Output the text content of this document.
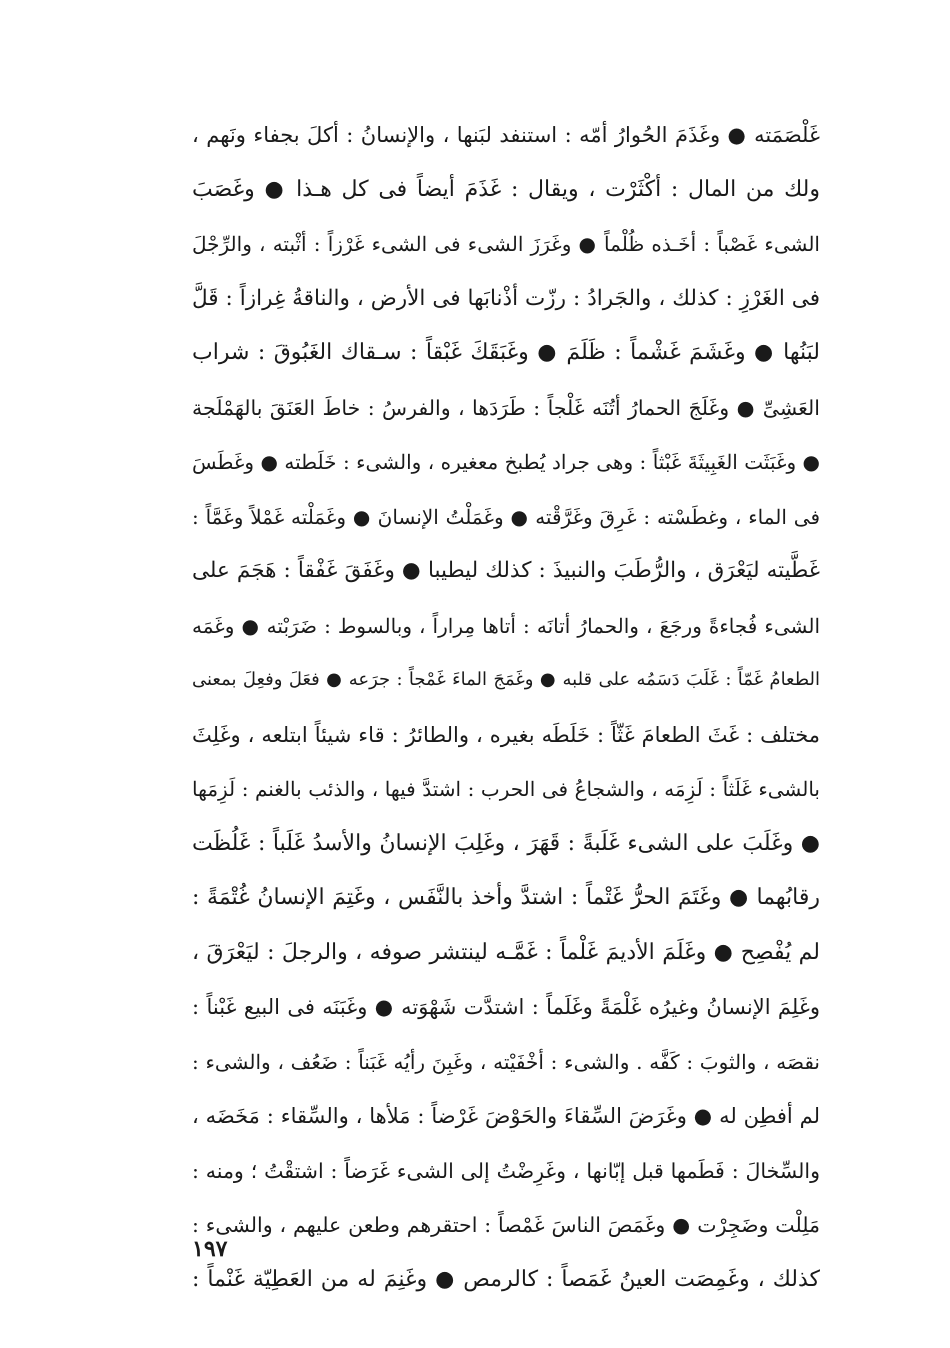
غَلْصَمَته ● وغَذَمَ الحُوارُ أمّه : استنفد لبَنها ، والإنسانُ : أكلَ بجفاء ونَهم ،
ولك من المال : أكْثَرْت ، ويقال : غَذَمَ أيضاً فى كل هـذا ● وغَصَبَ
الشىء غَصْباً : أخَـذه ظُلْماً ● وغَرَزَ الشىء فى الشىء غَرْزاً : أثْبته ، والرِّجْلَ
فى الغَرْزِ : كذلك ، والجَرادُ : رزّت أذْنابَها فى الأرض ، والناقةُ غِرازاً : قَلَّ
لبَنُها ● وغَشَمَ غَشْماً : ظَلَمَ ● وغَبَقَكَ غَبْقاً : سـقاك الغَبُوقَ : شراب
العَشِىِّ ● وغَلَجَ الحمارُ أتُنَه غَلْجاً : طَرَدَها ، والفرسُ : خاطَ العَنَقَ بالهَمْلَجة
● وغَبَثَت الغَبِيثَةَ غَبْثاً : وهى جراد يُطبخ معغيره ، والشىء : خَلَطته ● وغَطَسَ
فى الماء ، وغطَسْته : غَرِقَ وغَرَّقْته ● وغَمَلْتُ الإنسانَ ● وغَمَلْته غَمْلاً وغَمَّاً :
غَطَّيته ليَعْرَق ، والرُّطَبَ والنبيذَ : كذلك ليطيبا ● وغَفَقَ غَفْقاً : هَجَمَ على
الشىء فُجاءةً ورجَعَ ، والحمارُ أتانَه : أتاها مِراراً ، وبالسوط : ضَرَبْته ● وغَمَه
الطعامُ غَمّاً : غَلَبَ دَسَمُه على قلبه ● وغَمَجَ الماءَ غَمْجاً : جرَعه ● فعَلَ وفعِلَ بمعنى
مختلف : غَثَ الطعامَ غَثّاً : خَلَطَه بغيره ، والطائرُ : قاء شيئاً ابتلعه ، وغَلِثَ
بالشىء غَلَثاً : لَزِمَه ، والشجاعُ فى الحرب : اشتدَّ فيها ، والذئب بالغنم : لَزِمَها
● وغَلَبَ على الشىء غَلَبةً : قَهَرَ ، وغَلِبَ الإنسانُ والأسدُ غَلَباً : غَلُظَت
رقابُهما ● وغَتَمَ الحرُّ غَتْماً : اشتدَّ وأخذ بالنَّفَس ، وغَتِمَ الإنسانُ غُتْمَةً :
لم يُفْصِح ● وغَلَمَ الأديمَ غَلْماً : غَمَّـه لينتشر صوفه ، والرجلَ : ليَعْرَقَ ،
وغَلِمَ الإنسانُ وغيرُه غَلْمَةً وغَلَماً : اشتدَّت شَهْوَته ● وغَبَنَه فى البيع غَبْناً :
نقصَه ، والثوبَ : كَفَّه . والشىء : أخْفَيْته ، وغَبِنَ رأيُه غَبَناً : ضَعُف ، والشىء :
لم أفطِن له ● وغَرَضَ السِّقاءَ والحَوْضَ غَرْضاً : مَلأها ، والسِّقاء : مَخَضَه ،
والسِّخالَ : فَطَمها قبل إبّانها ، وغَرِضْتُ إلى الشىء غَرَضاً : اشتقْتُ ؛ ومنه :
مَلِلْت وضَجِرْت ● وغَمَصَ الناسَ غَمْصاً : احتقرهم وطعن عليهم ، والشىء :
كذلك ، وغَمِصَت العينُ غَمَصاً : كالرمص ● وغَنِمَ له من العَطِيّة غَنْماً :
١٩٧
